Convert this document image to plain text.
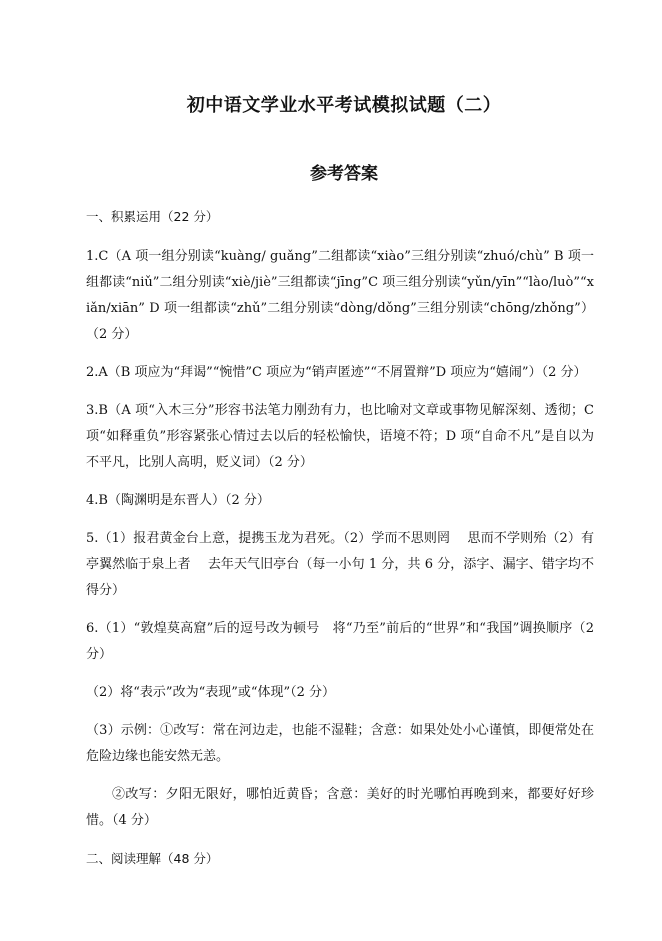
初中语文学业水平考试模拟试题（二）
参考答案
一、积累运用（22 分）

1.C（A 项一组分别读“kuàng/ guǎng”二组都读“xiào”三组分别读“zhuó/chù” B 项一组都读“niǔ”二组分别读“xiè/jiè”三组都读“jīng”C 项三组分别读“yǔn/yīn”“lào/luò”“xiǎn/xiān” D 项一组都读“zhǔ”二组分别读“dòng/dǒng”三组分别读“chōng/zhǒng”）（2 分）

2.A（B 项应为“拜谒”“惋惜”C 项应为“销声匿迹”“不屑置辩”D 项应为“嬉闹”）（2 分）

3.B（A 项“入木三分”形容书法笔力刚劲有力，也比喻对文章或事物见解深刻、透彻；C 项“如释重负”形容紧张心情过去以后的轻松愉快，语境不符；D 项“自命不凡”是自以为不平凡，比别人高明，贬义词）（2 分）

4.B（陶渊明是东晋人）（2 分）

5.（1）报君黄金台上意，提携玉龙为君死。（2）学而不思则罔　 思而不学则殆（2）有亭翼然临于泉上者　 去年天气旧亭台（每一小句 1 分，共 6 分，添字、漏字、错字均不得分）

6.（1）“敦煌莫高窟”后的逗号改为顿号　将“乃至”前后的“世界”和“我国”调换顺序（2 分）

（2）将“表示”改为“表现”或“体现”（2 分）

（3）示例：①改写：常在河边走，也能不湿鞋；含意：如果处处小心谨慎，即便常处在危险边缘也能安然无恙。

②改写：夕阳无限好，哪怕近黄昏；含意：美好的时光哪怕再晚到来，都要好好珍惜。（4 分）

二、阅读理解（48 分）
